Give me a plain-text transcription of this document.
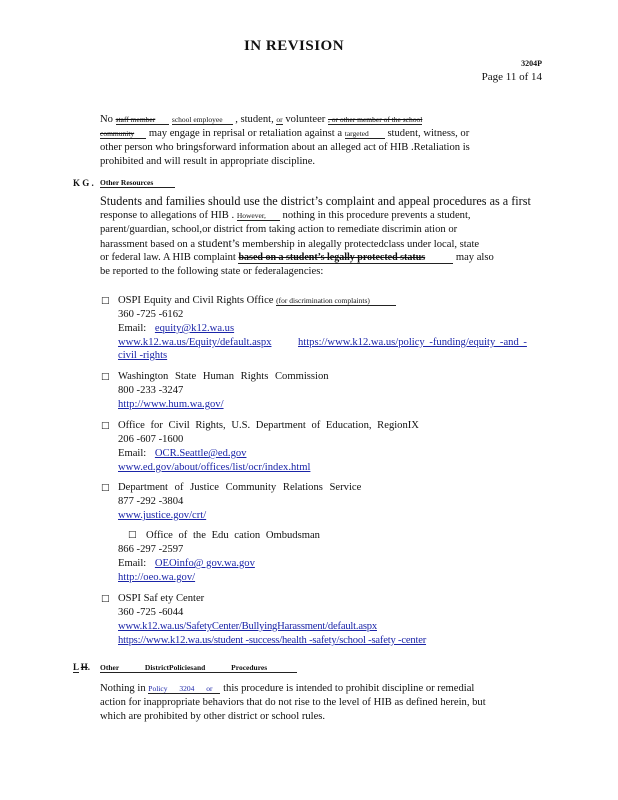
IN REVISION
3204P
Page 11 of 14
No staff member school employee , student, or volunteer , or other member of the school
community may engage in reprisal or retaliation against a targeted student, witness, or
other person who bringsforward information about an alleged act of HIB .Retaliation is
prohibited and will result in appropriate discipline.
K G . Other Resources
Students and families should use the district’s complaint and appeal procedures as a first
response to allegations of HIB . However, nothing in this procedure prevents a student,
parent/guardian, school,or district from taking action to remediate discrimin ation or
harassment based on a student’s membership in alegally protectedclass under local, state
or federal law. A HIB complaint based on a student’s legally protected status	may also
be reported to the following state or federalagencies:
□ OSPI Equity and Civil Rights Office (for discrimination complaints)
360 -725 -6162
Email: equity@k12.wa.us
www.k12.wa.us/Equity/default.aspx	https://www.k12.wa.us/policy -funding/equity -and -
civil -rights
□ Washington State Human Rights Commission
800 -233 -3247
http://www.hum.wa.gov/
□ Office for Civil Rights, U.S. Department of Education, RegionIX
206 -607 -1600
Email: OCR.Seattle@ed.gov
www.ed.gov/about/offices/list/ocr/index.html
□ Department of Justice Community Relations Service
877 -292 -3804
www.justice.gov/crt/
□ Office of the Edu cation Ombudsman
866 -297 -2597
Email: OEOinfo@ gov.wa.gov
http://oeo.wa.gov/
□ OSPI Saf ety Center
360 -725 -6044
www.k12.wa.us/SafetyCenter/BullyingHarassment/default.aspx
https://www.k12.wa.us/student -success/health -safety/school -safety -center
L H. Other DistrictPoliciesand Procedures
Nothing in Policy 3204 or this procedure is intended to prohibit discipline or remedial
action for inappropriate behaviors that do not rise to the level of HIB as defined herein, but
which are prohibited by other district or school rules.
